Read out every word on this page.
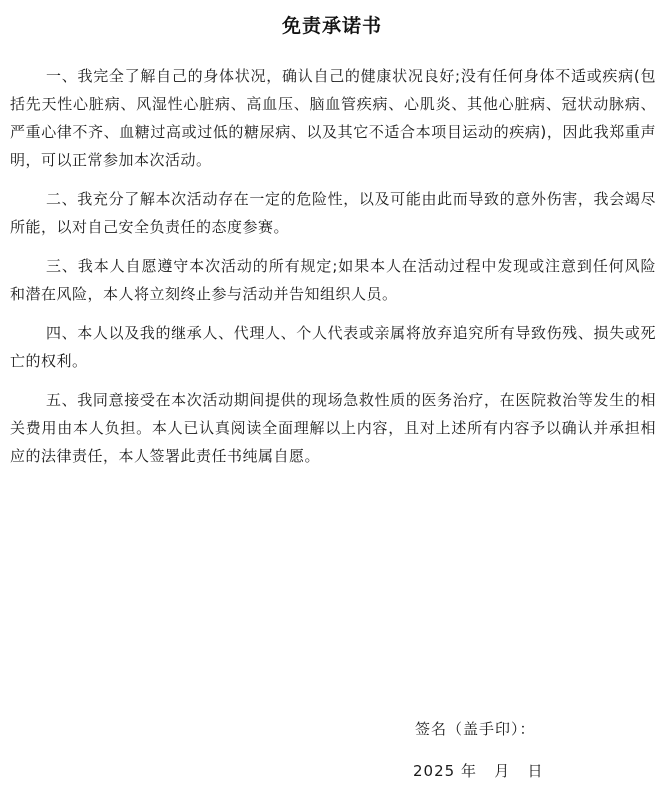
免责承诺书

一、我完全了解自己的身体状况，确认自己的健康状况良好;没有任何身体不适或疾病(包括先天性心脏病、风湿性心脏病、高血压、脑血管疾病、心肌炎、其他心脏病、冠状动脉病、严重心律不齐、血糖过高或过低的糖尿病、以及其它不适合本项目运动的疾病)，因此我郑重声明，可以正常参加本次活动。

二、我充分了解本次活动存在一定的危险性，以及可能由此而导致的意外伤害，我会竭尽所能，以对自己安全负责任的态度参赛。

三、我本人自愿遵守本次活动的所有规定;如果本人在活动过程中发现或注意到任何风险和潜在风险，本人将立刻终止参与活动并告知组织人员。

四、本人以及我的继承人、代理人、个人代表或亲属将放弃追究所有导致伤残、损失或死亡的权利。

五、我同意接受在本次活动期间提供的现场急救性质的医务治疗，在医院救治等发生的相关费用由本人负担。本人已认真阅读全面理解以上内容，且对上述所有内容予以确认并承担相应的法律责任，本人签署此责任书纯属自愿。

签名（盖手印）：
2025 年   月   日
